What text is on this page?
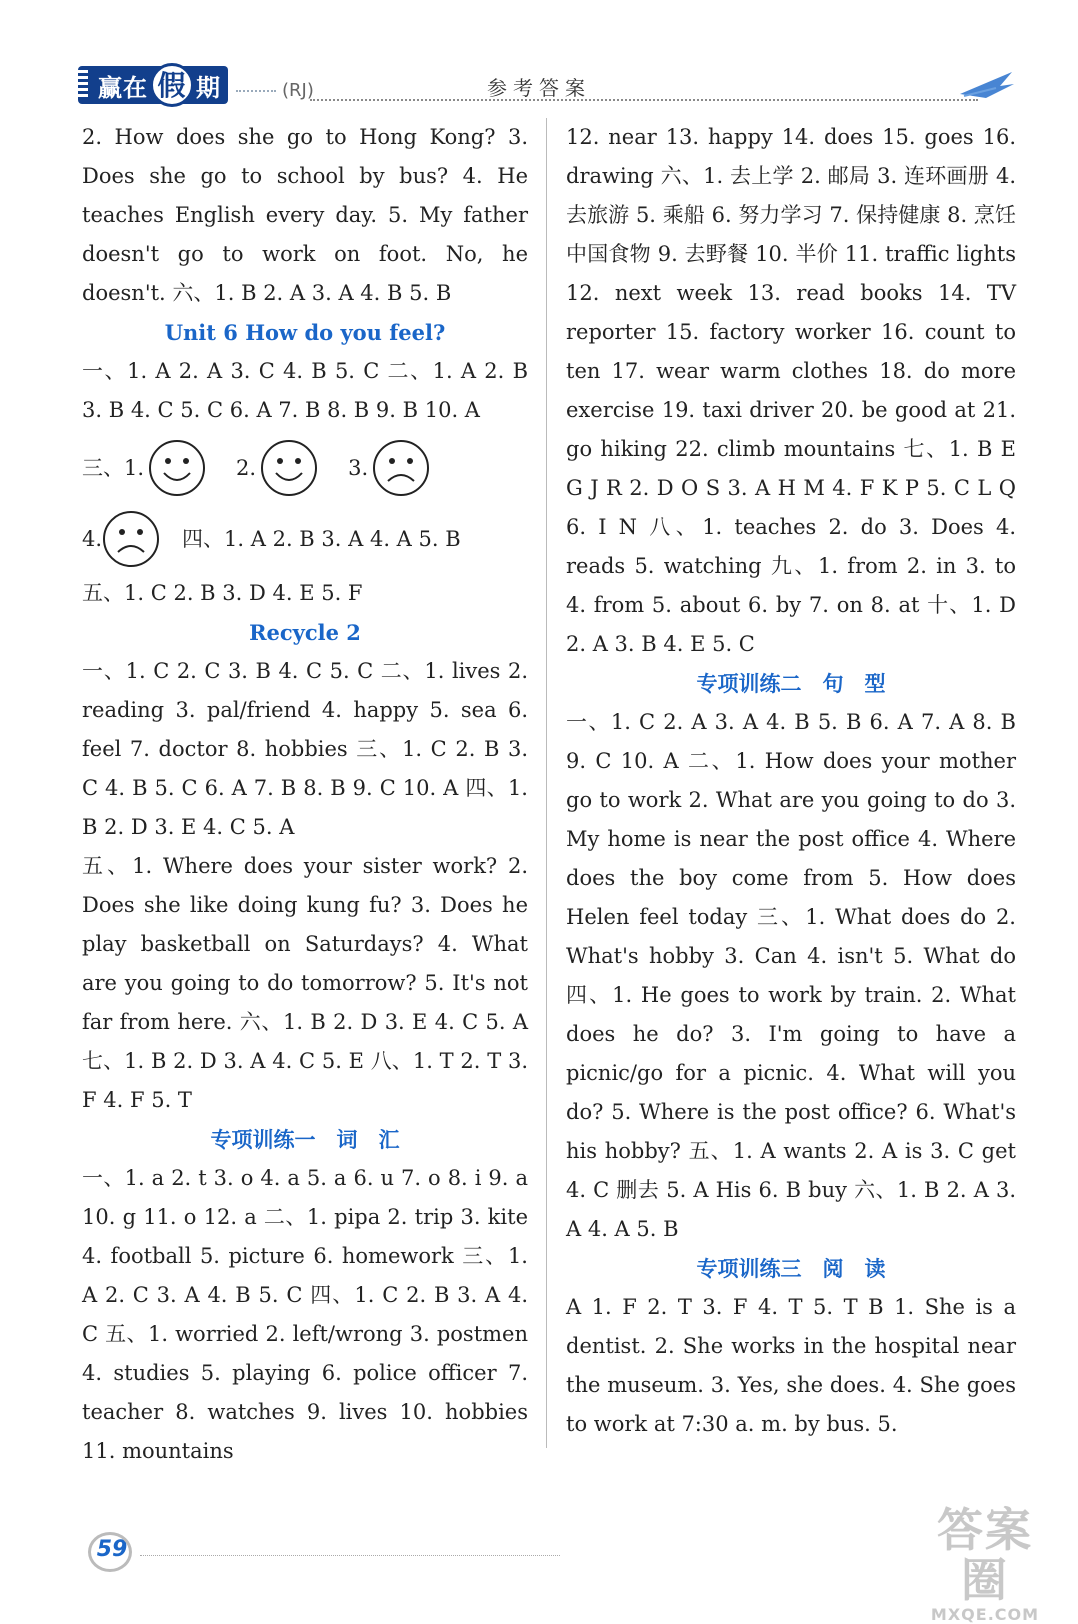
赢在 假 期	(RJ)	参考答案

2. How does she go to Hong Kong? 3. Does she go to school by bus? 4. He teaches English every day. 5. My father doesn't go to work on foot. No, he doesn't. 六、1. B 2. A 3. A 4. B 5. B

Unit 6 How do you feel?

一、1. A 2. A 3. C 4. B 5. C 二、1. A 2. B 3. B 4. C 5. C 6. A 7. B 8. B 9. B 10. A

三、1.	2.	3.
4.	四、1. A 2. B 3. A 4. A 5. B

五、1. C 2. B 3. D 4. E 5. F

Recycle 2

一、1. C 2. C 3. B 4. C 5. C 二、1. lives 2. reading 3. pal/friend 4. happy 5. sea 6. feel 7. doctor 8. hobbies 三、1. C 2. B 3. C 4. B 5. C 6. A 7. B 8. B 9. C 10. A 四、1. B 2. D 3. E 4. C 5. A

五、1. Where does your sister work? 2. Does she like doing kung fu? 3. Does he play basketball on Saturdays? 4. What are you going to do tomorrow? 5. It's not far from here. 六、1. B 2. D 3. E 4. C 5. A 七、1. B 2. D 3. A 4. C 5. E 八、1. T 2. T 3. F 4. F 5. T

专项训练一　词　汇

一、1. a 2. t 3. o 4. a 5. a 6. u 7. o 8. i 9. a 10. g 11. o 12. a 二、1. pipa 2. trip 3. kite 4. football 5. picture 6. homework 三、1. A 2. C 3. A 4. B 5. C 四、1. C 2. B 3. A 4. C 五、1. worried 2. left/wrong 3. postmen 4. studies 5. playing 6. police officer 7. teacher 8. watches 9. lives 10. hobbies 11. mountains

12. near 13. happy 14. does 15. goes 16. drawing 六、1. 去上学 2. 邮局 3. 连环画册 4. 去旅游 5. 乘船 6. 努力学习 7. 保持健康 8. 烹饪中国食物 9. 去野餐 10. 半价 11. traffic lights 12. next week 13. read books 14. TV reporter 15. factory worker 16. count to ten 17. wear warm clothes 18. do more exercise 19. taxi driver 20. be good at 21. go hiking 22. climb mountains 七、1. B E G J R 2. D O S 3. A H M 4. F K P 5. C L Q 6. I N 八、1. teaches 2. do 3. Does 4. reads 5. watching 九、1. from 2. in 3. to 4. from 5. about 6. by 7. on 8. at 十、1. D 2. A 3. B 4. E 5. C

专项训练二　句　型

一、1. C 2. A 3. A 4. B 5. B 6. A 7. A 8. B 9. C 10. A 二、1. How does your mother go to work 2. What are you going to do 3. My home is near the post office 4. Where does the boy come from 5. How does Helen feel today 三、1. What does do 2. What's hobby 3. Can 4. isn't 5. What do 四、1. He goes to work by train. 2. What does he do? 3. I'm going to have a picnic/go for a picnic. 4. What will you do? 5. Where is the post office? 6. What's his hobby? 五、1. A wants 2. A is 3. C get 4. C 删去 5. A His 6. B buy 六、1. B 2. A 3. A 4. A 5. B

专项训练三　阅　读

A 1. F 2. T 3. F 4. T 5. T B 1. She is a dentist. 2. She works in the hospital near the museum. 3. Yes, she does. 4. She goes to work at 7:30 a. m. by bus. 5.

59	答案圈
MXQE.COM
